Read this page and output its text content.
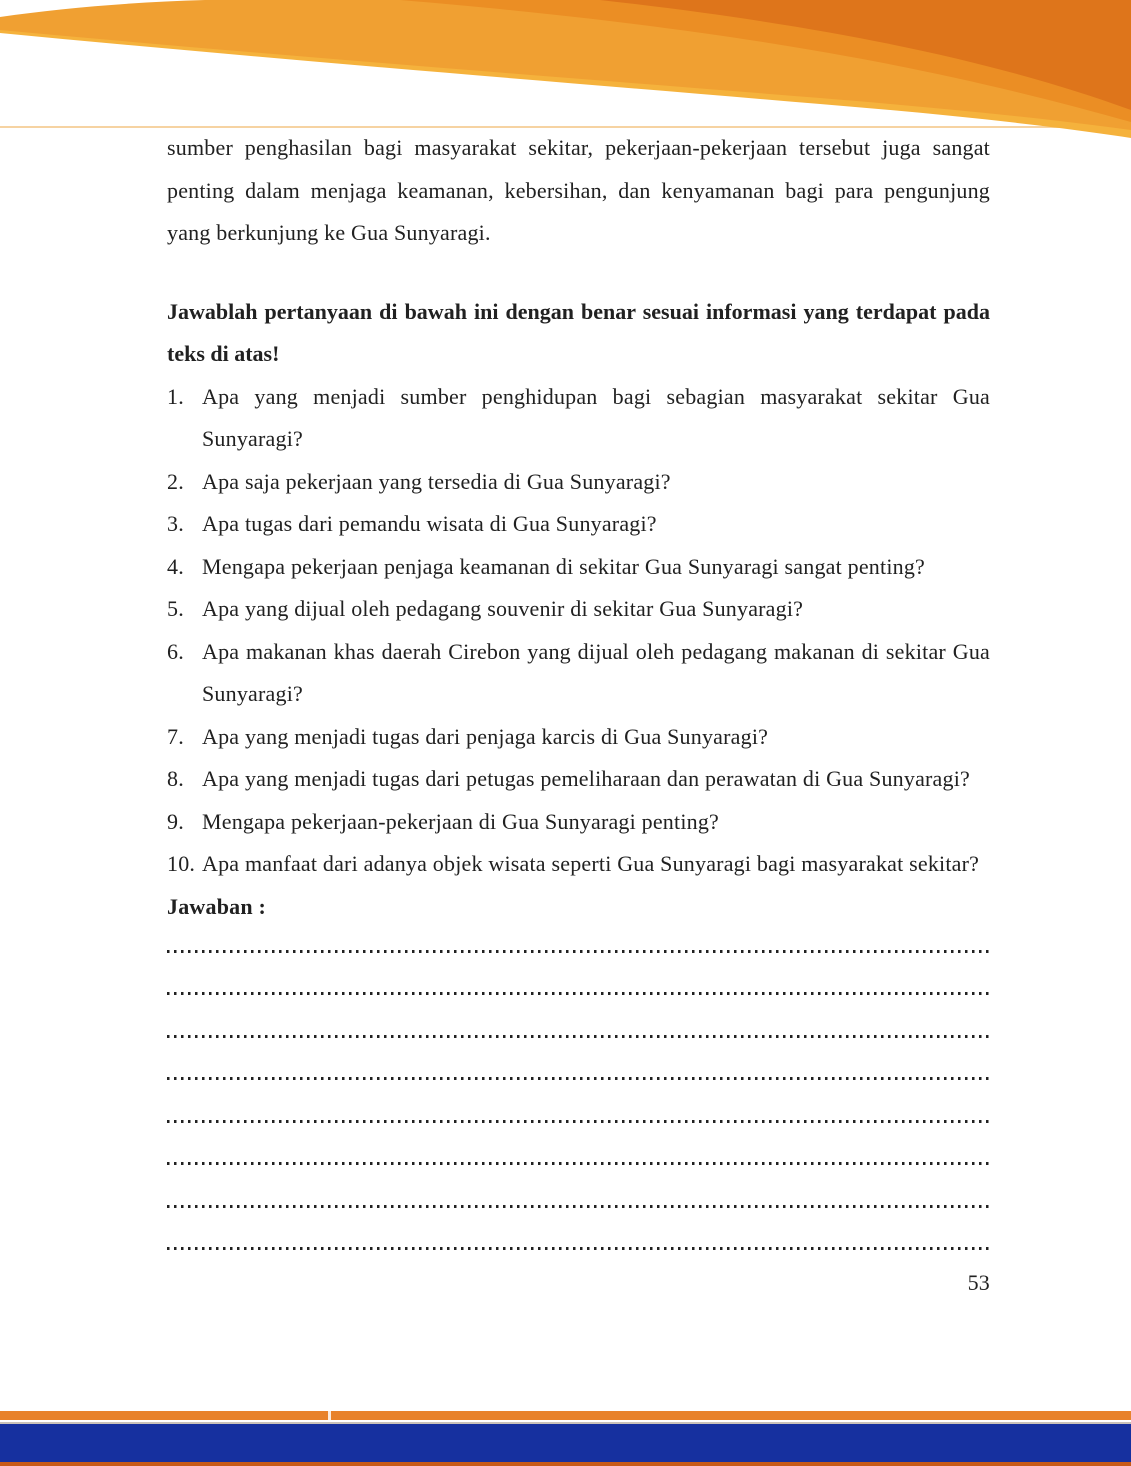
sumber penghasilan bagi masyarakat sekitar, pekerjaan-pekerjaan tersebut juga sangat penting dalam menjaga keamanan, kebersihan, dan kenyamanan bagi para pengunjung yang berkunjung ke Gua Sunyaragi.

Jawablah pertanyaan di bawah ini dengan benar sesuai informasi yang terdapat pada teks di atas!
1. Apa yang menjadi sumber penghidupan bagi sebagian masyarakat sekitar Gua Sunyaragi?
2. Apa saja pekerjaan yang tersedia di Gua Sunyaragi?
3. Apa tugas dari pemandu wisata di Gua Sunyaragi?
4. Mengapa pekerjaan penjaga keamanan di sekitar Gua Sunyaragi sangat penting?
5. Apa yang dijual oleh pedagang souvenir di sekitar Gua Sunyaragi?
6. Apa makanan khas daerah Cirebon yang dijual oleh pedagang makanan di sekitar Gua Sunyaragi?
7. Apa yang menjadi tugas dari penjaga karcis di Gua Sunyaragi?
8. Apa yang menjadi tugas dari petugas pemeliharaan dan perawatan di Gua Sunyaragi?
9. Mengapa pekerjaan-pekerjaan di Gua Sunyaragi penting?
10. Apa manfaat dari adanya objek wisata seperti Gua Sunyaragi bagi masyarakat sekitar?
Jawaban :
53
